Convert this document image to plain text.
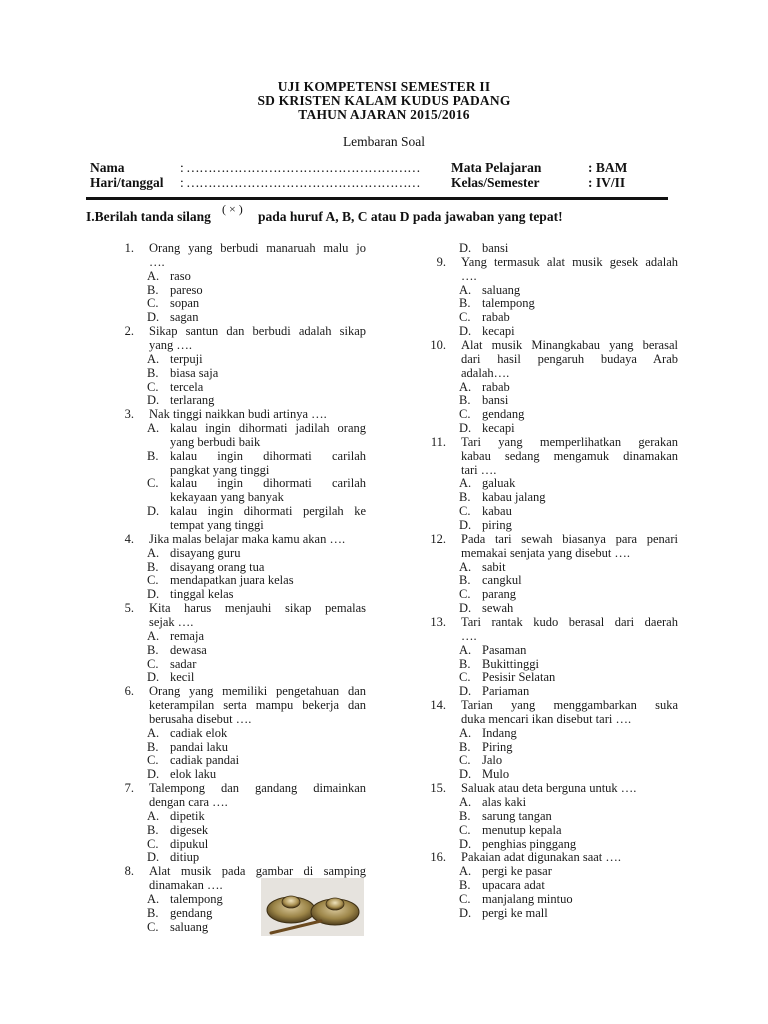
UJI KOMPETENSI SEMESTER II
SD KRISTEN KALAM KUDUS PADANG
TAHUN AJARAN 2015/2016
Lembaran Soal
Nama	: ………………………………………………
Hari/tanggal : ………………………………………………
Mata Pelajaran	: BAM
Kelas/Semester	: IV/II
I.Berilah tanda silang ( × ) pada huruf A, B, C atau D pada jawaban yang tepat!
1. Orang yang berbudi manaruah malu jo
….
A. raso
B. pareso
C. sopan
D. sagan
2. Sikap santun dan berbudi adalah sikap
yang ….
A. terpuji
B. biasa saja
C. tercela
D. terlarang
3. Nak tinggi naikkan budi artinya ….
A. kalau ingin dihormati jadilah orang
yang berbudi baik
B. kalau ingin dihormati carilah
pangkat yang tinggi
C. kalau ingin dihormati carilah
kekayaan yang banyak
D. kalau ingin dihormati pergilah ke
tempat yang tinggi
4. Jika malas belajar maka kamu akan ….
A. disayang guru
B. disayang orang tua
C. mendapatkan juara kelas
D. tinggal kelas
5. Kita harus menjauhi sikap pemalas
sejak ….
A. remaja
B. dewasa
C. sadar
D. kecil
6. Orang yang memiliki pengetahuan dan
keterampilan serta mampu bekerja dan
berusaha disebut ….
A. cadiak elok
B. pandai laku
C. cadiak pandai
D. elok laku
7. Talempong dan gandang dimainkan
dengan cara ….
A. dipetik
B. digesek
C. dipukul
D. ditiup
8. Alat musik pada gambar di samping
dinamakan ….
A. talempong
B. gendang
C. saluang
D. bansi
9. Yang termasuk alat musik gesek adalah
….
A. saluang
B. talempong
C. rabab
D. kecapi
10. Alat musik Minangkabau yang berasal
dari hasil pengaruh budaya Arab
adalah….
A. rabab
B. bansi
C. gendang
D. kecapi
11. Tari yang memperlihatkan gerakan
kabau sedang mengamuk dinamakan
tari ….
A. galuak
B. kabau jalang
C. kabau
D. piring
12. Pada tari sewah biasanya para penari
memakai senjata yang disebut ….
A. sabit
B. cangkul
C. parang
D. sewah
13. Tari rantak kudo berasal dari daerah
….
A. Pasaman
B. Bukittinggi
C. Pesisir Selatan
D. Pariaman
14. Tarian yang menggambarkan suka
duka mencari ikan disebut tari ….
A. Indang
B. Piring
C. Jalo
D. Mulo
15. Saluak atau deta berguna untuk ….
A. alas kaki
B. sarung tangan
C. menutup kepala
D. penghias pinggang
16. Pakaian adat digunakan saat ….
A. pergi ke pasar
B. upacara adat
C. manjalang mintuo
D. pergi ke mall
